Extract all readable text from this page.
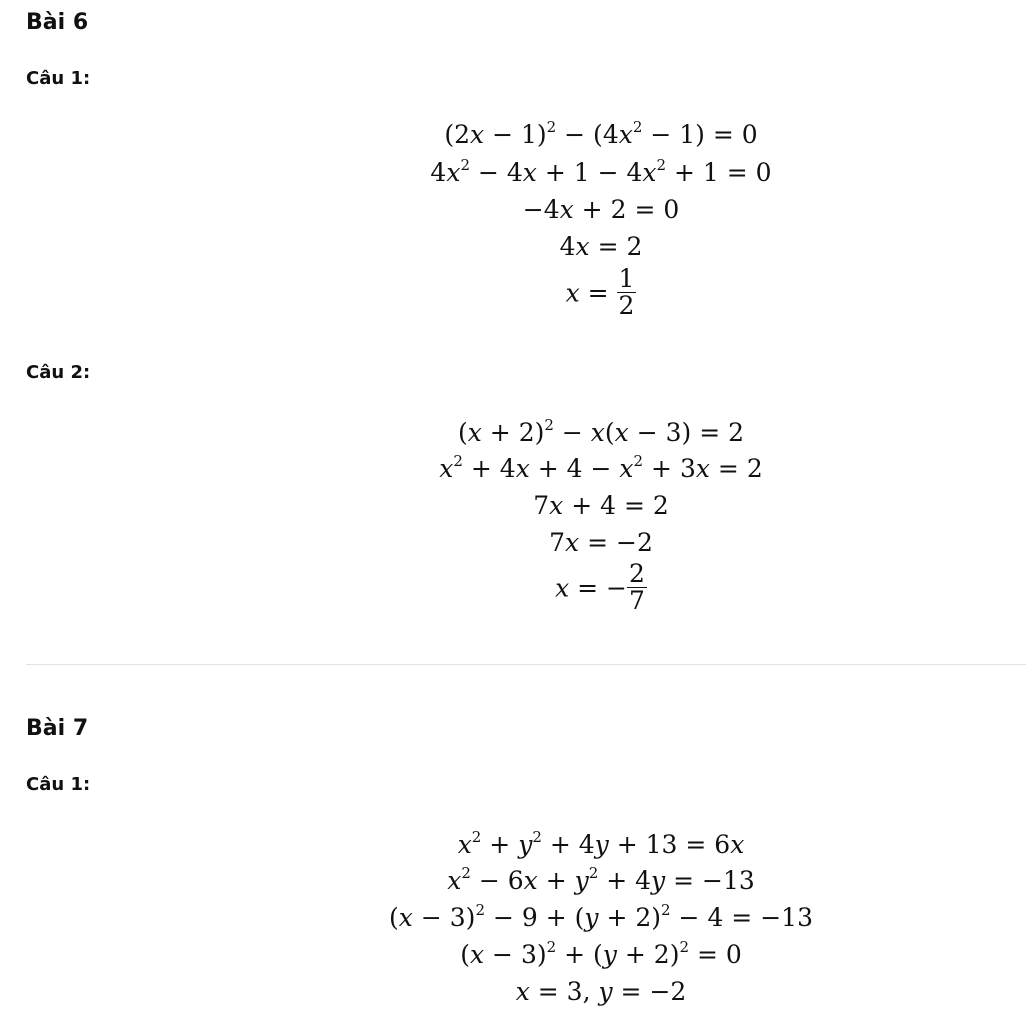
Bài 6
Câu 1:
$(2x - 1)^2 - (4x^2 - 1) = 0$
$4x^2 - 4x + 1 - 4x^2 + 1 = 0$
−4x + 2 = 0
4x = 2
$x = \frac{1}{2}$
Câu 2:
$(x + 2)^2 - x(x - 3) = 2$
$x^2 + 4x + 4 - x^2 + 3x = 2$
7x + 4 = 2
7x = −2
x = − $\frac{2}{7}$
Bài 7
Câu 1:
$x^2 + y^2 + 4y + 13 = 6x$
$x^2 - 6x + y^2 + 4y = -13$
$(x - 3)^2 - 9 + (y + 2)^2 - 4 = -13$
$(x - 3)^2 + (y + 2)^2 = 0$
x = 3, y = −2
